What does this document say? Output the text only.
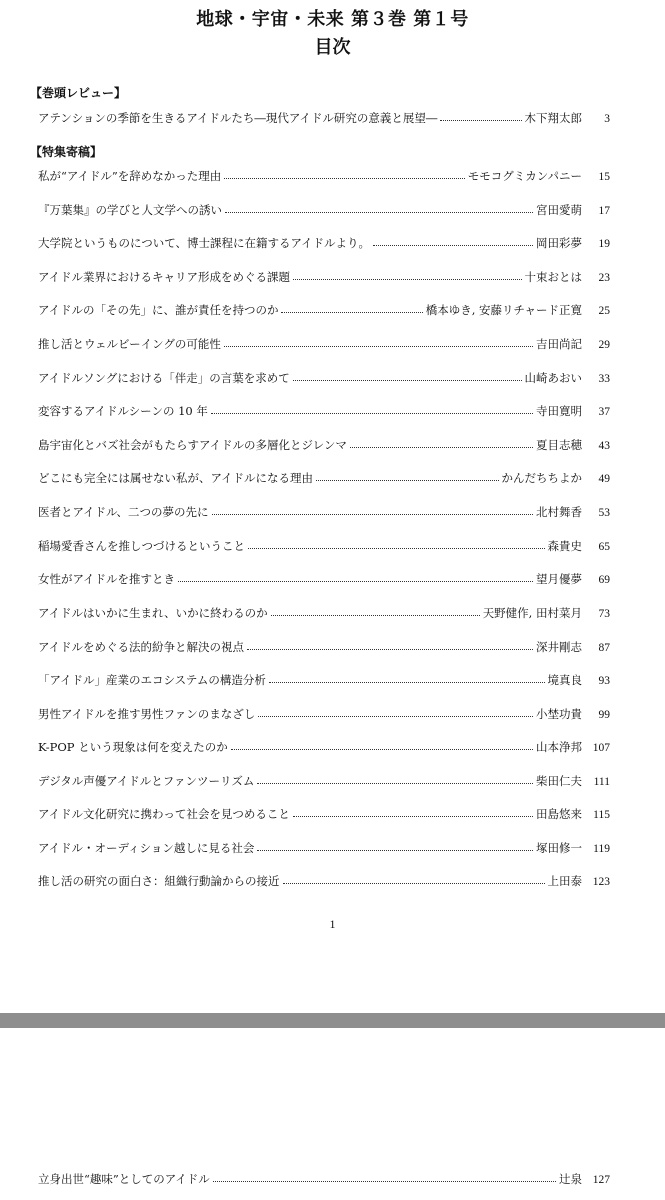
地球・宇宙・未来 第３巻 第１号
目次
【巻頭レビュー】
アテンションの季節を生きるアイドルたち―現代アイドル研究の意義と展望―	木下翔太郎	3
【特集寄稿】
私が“アイドル”を辞めなかった理由	モモコグミカンパニー	15
『万葉集』の学びと人文学への誘い	宮田愛萌	17
大学院というものについて、博士課程に在籍するアイドルより。	岡田彩夢	19
アイドル業界におけるキャリア形成をめぐる課題	十束おとは	23
アイドルの「その先」に、誰が責任を持つのか	橋本ゆき, 安藤リチャード正寛	25
推し活とウェルビーイングの可能性	吉田尚記	29
アイドルソングにおける「伴走」の言葉を求めて	山崎あおい	33
変容するアイドルシーンの 10 年	寺田寛明	37
島宇宙化とバズ社会がもたらすアイドルの多層化とジレンマ	夏目志穂	43
どこにも完全には属せない私が、アイドルになる理由	かんだちちよか	49
医者とアイドル、二つの夢の先に	北村舞香	53
稲場愛香さんを推しつづけるということ	森貴史	65
女性がアイドルを推すとき	望月優夢	69
アイドルはいかに生まれ、いかに終わるのか	天野健作, 田村菜月	73
アイドルをめぐる法的紛争と解決の視点	深井剛志	87
「アイドル」産業のエコシステムの構造分析	境真良	93
男性アイドルを推す男性ファンのまなざし	小埜功貴	99
K-POP という現象は何を変えたのか	山本浄邦 107
デジタル声優アイドルとファンツーリズム	柴田仁夫	111
アイドル文化研究に携わって社会を見つめること	田島悠来 115
アイドル・オーディション越しに見る社会	塚田修一 119
推し活の研究の面白さ：組織行動論からの接近	上田泰 123
1
立身出世“趣味”としてのアイドル	辻泉 127
